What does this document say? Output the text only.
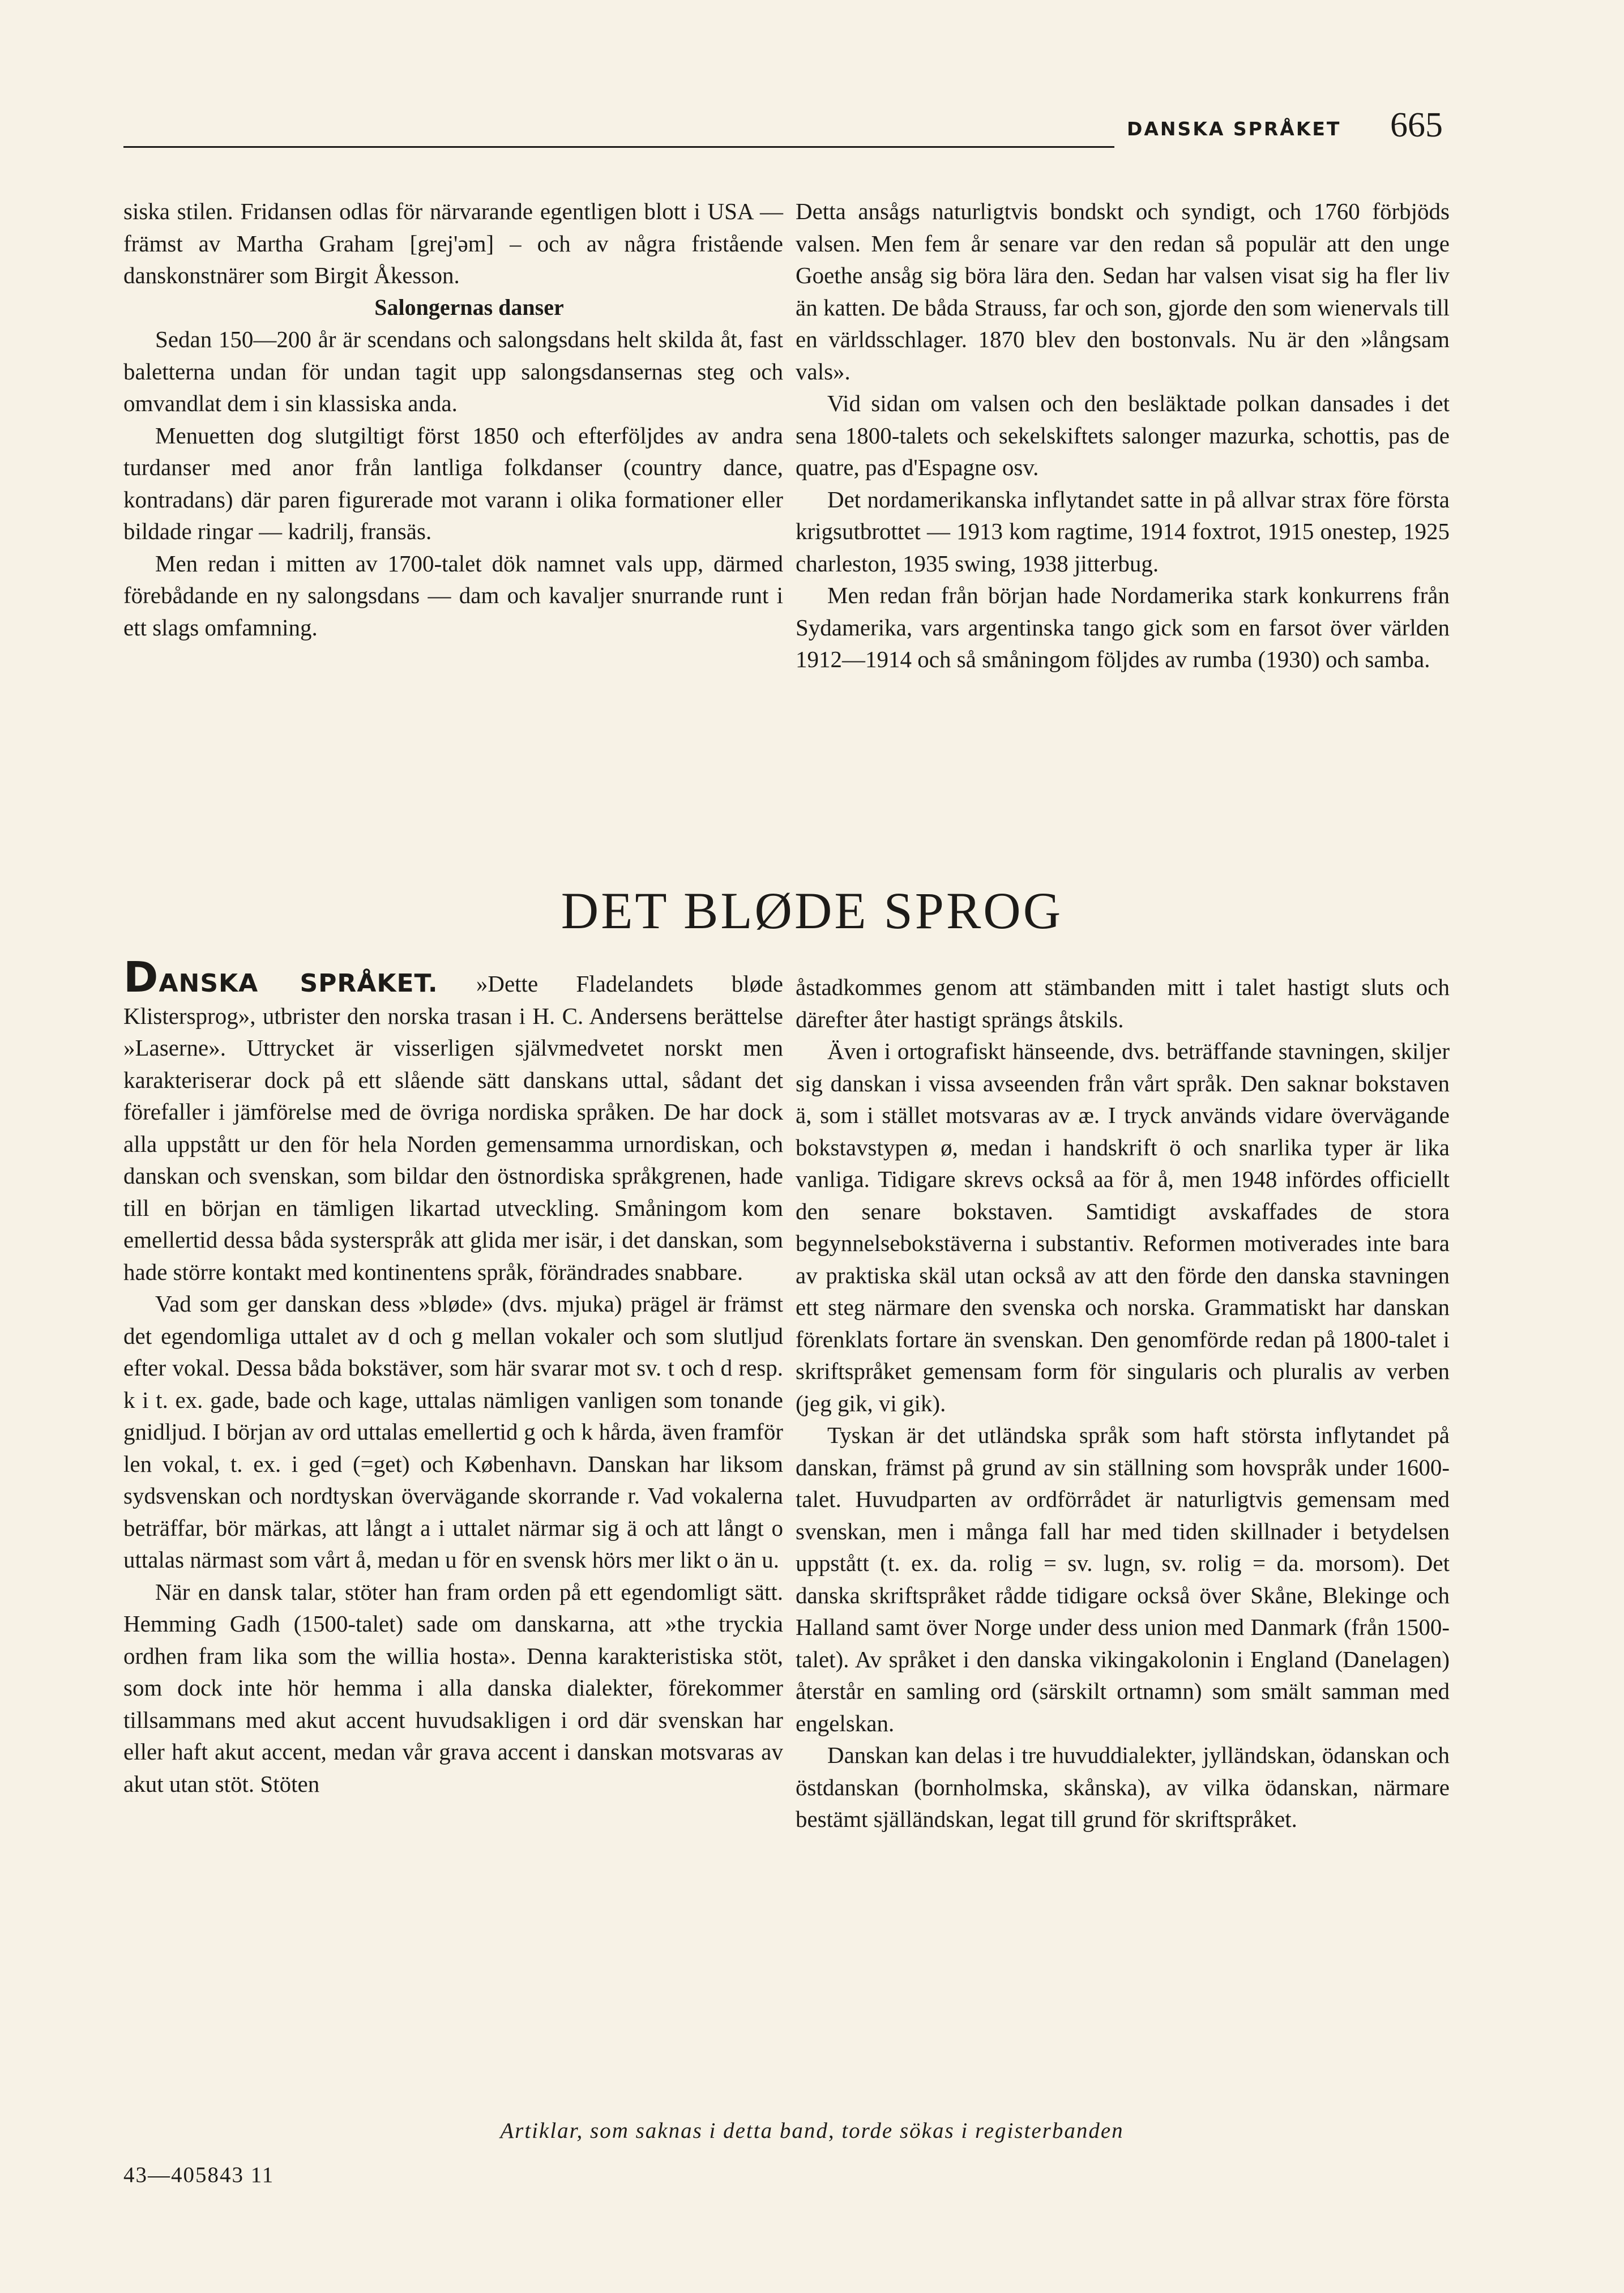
DANSKA SPRÅKET 665

siska stilen. Fridansen odlas för närvarande egentligen blott i USA — främst av Martha Graham [grej'əm] – och av några fristående danskonstnärer som Birgit Åkesson.

Salongernas danser

Sedan 150—200 år är scendans och salongsdans helt skilda åt, fast baletterna undan för undan tagit upp salongsdansernas steg och omvandlat dem i sin klassiska anda.

Menuetten dog slutgiltigt först 1850 och efterföljdes av andra turdanser med anor från lantliga folkdanser (country dance, kontradans) där paren figurerade mot varann i olika formationer eller bildade ringar — kadrilj, fransäs.

Men redan i mitten av 1700-talet dök namnet vals upp, därmed förebådande en ny salongsdans — dam och kavaljer snurrande runt i ett slags omfamning.

Detta ansågs naturligtvis bondskt och syndigt, och 1760 förbjöds valsen. Men fem år senare var den redan så populär att den unge Goethe ansåg sig böra lära den. Sedan har valsen visat sig ha fler liv än katten. De båda Strauss, far och son, gjorde den som wienervals till en världsschlager. 1870 blev den bostonvals. Nu är den »långsam vals».

Vid sidan om valsen och den besläktade polkan dansades i det sena 1800-talets och sekelskiftets salonger mazurka, schottis, pas de quatre, pas d'Espagne osv.

Det nordamerikanska inflytandet satte in på allvar strax före första krigsutbrottet — 1913 kom ragtime, 1914 foxtrot, 1915 onestep, 1925 charleston, 1935 swing, 1938 jitterbug.

Men redan från början hade Nordamerika stark konkurrens från Sydamerika, vars argentinska tango gick som en farsot över världen 1912—1914 och så småningom följdes av rumba (1930) och samba.

DET BLØDE SPROG

DANSKA SPRÅKET. »Dette Fladelandets bløde Klistersprog», utbrister den norska trasan i H. C. Andersens berättelse »Laserne». Uttrycket är visserligen självmedvetet norskt men karakteriserar dock på ett slående sätt danskans uttal, sådant det förefaller i jämförelse med de övriga nordiska språken. De har dock alla uppstått ur den för hela Norden gemensamma urnordiskan, och danskan och svenskan, som bildar den östnordiska språkgrenen, hade till en början en tämligen likartad utveckling. Småningom kom emellertid dessa båda systerspråk att glida mer isär, i det danskan, som hade större kontakt med kontinentens språk, förändrades snabbare.

Vad som ger danskan dess »bløde» (dvs. mjuka) prägel är främst det egendomliga uttalet av d och g mellan vokaler och som slutljud efter vokal. Dessa båda bokstäver, som här svarar mot sv. t och d resp. k i t. ex. gade, bade och kage, uttalas nämligen vanligen som tonande gnidljud. I början av ord uttalas emellertid g och k hårda, även framför len vokal, t. ex. i ged (=get) och København. Danskan har liksom sydsvenskan och nordtyskan övervägande skorrande r. Vad vokalerna beträffar, bör märkas, att långt a i uttalet närmar sig ä och att långt o uttalas närmast som vårt å, medan u för en svensk hörs mer likt o än u.

När en dansk talar, stöter han fram orden på ett egendomligt sätt. Hemming Gadh (1500-talet) sade om danskarna, att »the tryckia ordhen fram lika som the willia hosta». Denna karakteristiska stöt, som dock inte hör hemma i alla danska dialekter, förekommer tillsammans med akut accent huvudsakligen i ord där svenskan har eller haft akut accent, medan vår grava accent i danskan motsvaras av akut utan stöt. Stöten

åstadkommes genom att stämbanden mitt i talet hastigt sluts och därefter åter hastigt sprängs åtskils.

Även i ortografiskt hänseende, dvs. beträffande stavningen, skiljer sig danskan i vissa avseenden från vårt språk. Den saknar bokstaven ä, som i stället motsvaras av æ. I tryck används vidare övervägande bokstavstypen ø, medan i handskrift ö och snarlika typer är lika vanliga. Tidigare skrevs också aa för å, men 1948 infördes officiellt den senare bokstaven. Samtidigt avskaffades de stora begynnelsebokstäverna i substantiv. Reformen motiverades inte bara av praktiska skäl utan också av att den förde den danska stavningen ett steg närmare den svenska och norska. Grammatiskt har danskan förenklats fortare än svenskan. Den genomförde redan på 1800-talet i skriftspråket gemensam form för singularis och pluralis av verben (jeg gik, vi gik).

Tyskan är det utländska språk som haft största inflytandet på danskan, främst på grund av sin ställning som hovspråk under 1600-talet. Huvudparten av ordförrådet är naturligtvis gemensam med svenskan, men i många fall har med tiden skillnader i betydelsen uppstått (t. ex. da. rolig = sv. lugn, sv. rolig = da. morsom). Det danska skriftspråket rådde tidigare också över Skåne, Blekinge och Halland samt över Norge under dess union med Danmark (från 1500-talet). Av språket i den danska vikingakolonin i England (Danelagen) återstår en samling ord (särskilt ortnamn) som smält samman med engelskan.

Danskan kan delas i tre huvuddialekter, jylländskan, ödanskan och östdanskan (bornholmska, skånska), av vilka ödanskan, närmare bestämt själländskan, legat till grund för skriftspråket.

Artiklar, som saknas i detta band, torde sökas i registerbanden
43—405843 11
